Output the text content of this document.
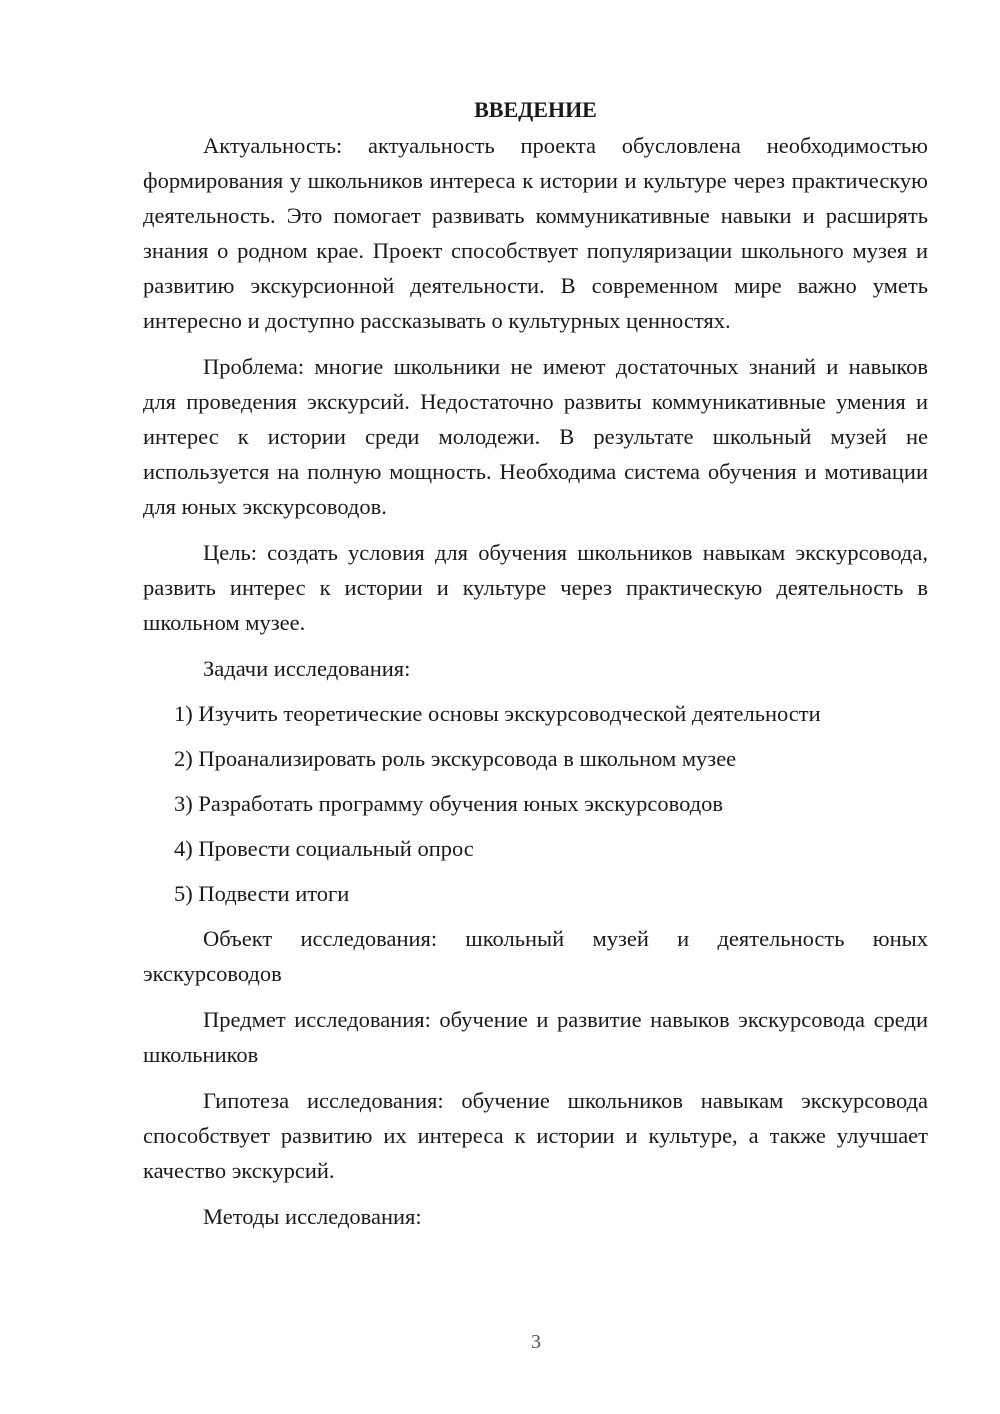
ВВЕДЕНИЕ

Актуальность: актуальность проекта обусловлена необходимостью формирования у школьников интереса к истории и культуре через практическую деятельность. Это помогает развивать коммуникативные навыки и расширять знания о родном крае. Проект способствует популяризации школьного музея и развитию экскурсионной деятельности. В современном мире важно уметь интересно и доступно рассказывать о культурных ценностях.

Проблема: многие школьники не имеют достаточных знаний и навыков для проведения экскурсий. Недостаточно развиты коммуникативные умения и интерес к истории среди молодежи. В результате школьный музей не используется на полную мощность. Необходима система обучения и мотивации для юных экскурсоводов.

Цель: создать условия для обучения школьников навыкам экскурсовода, развить интерес к истории и культуре через практическую деятельность в школьном музее.

Задачи исследования:

1) Изучить теоретические основы экскурсоводческой деятельности
2) Проанализировать роль экскурсовода в школьном музее
3) Разработать программу обучения юных экскурсоводов
4) Провести социальный опрос
5) Подвести итоги

Объект исследования: школьный музей и деятельность юных экскурсоводов

Предмет исследования: обучение и развитие навыков экскурсовода среди школьников

Гипотеза исследования: обучение школьников навыкам экскурсовода способствует развитию их интереса к истории и культуре, а также улучшает качество экскурсий.

Методы исследования:

3
